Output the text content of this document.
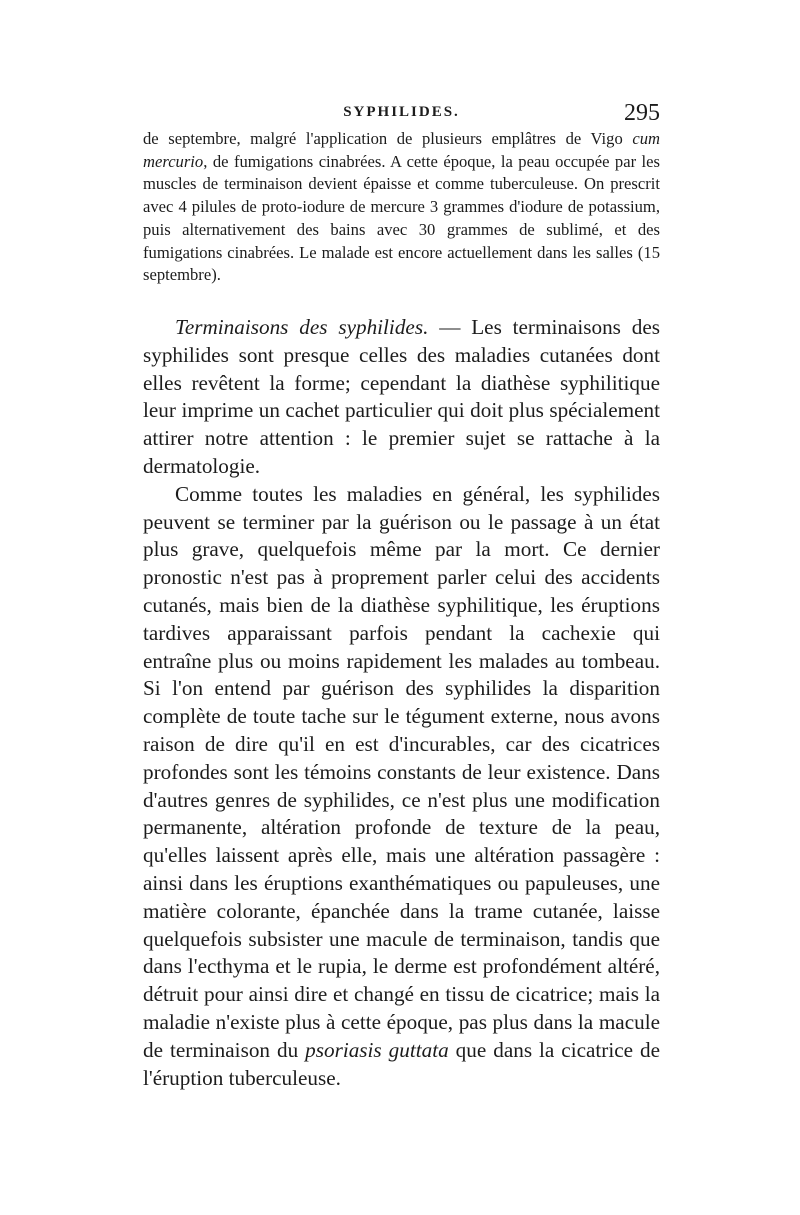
SYPHILIDES.	295

de septembre, malgré l'application de plusieurs emplâtres de Vigo cum mercurio, de fumigations cinabrées. A cette époque, la peau occupée par les muscles de terminaison devient épaisse et comme tuberculeuse. On prescrit avec 4 pilules de proto-iodure de mercure 3 grammes d'iodure de potassium, puis alternativement des bains avec 30 grammes de sublimé, et des fumigations cinabrées. Le malade est encore actuellement dans les salles (15 septembre).

Terminaisons des syphilides. — Les terminaisons des syphilides sont presque celles des maladies cutanées dont elles revêtent la forme; cependant la diathèse syphilitique leur imprime un cachet particulier qui doit plus spécialement attirer notre attention : le premier sujet se rattache à la dermatologie.

Comme toutes les maladies en général, les syphilides peuvent se terminer par la guérison ou le passage à un état plus grave, quelquefois même par la mort. Ce dernier pronostic n'est pas à proprement parler celui des accidents cutanés, mais bien de la diathèse syphilitique, les éruptions tardives apparaissant parfois pendant la cachexie qui entraîne plus ou moins rapidement les malades au tombeau. Si l'on entend par guérison des syphilides la disparition complète de toute tache sur le tégument externe, nous avons raison de dire qu'il en est d'incurables, car des cicatrices profondes sont les témoins constants de leur existence. Dans d'autres genres de syphilides, ce n'est plus une modification permanente, altération profonde de texture de la peau, qu'elles laissent après elle, mais une altération passagère : ainsi dans les éruptions exanthématiques ou papuleuses, une matière colorante, épanchée dans la trame cutanée, laisse quelquefois subsister une macule de terminaison, tandis que dans l'ecthyma et le rupia, le derme est profondément altéré, détruit pour ainsi dire et changé en tissu de cicatrice; mais la maladie n'existe plus à cette époque, pas plus dans la macule de terminaison du psoriasis guttata que dans la cicatrice de l'éruption tuberculeuse.
